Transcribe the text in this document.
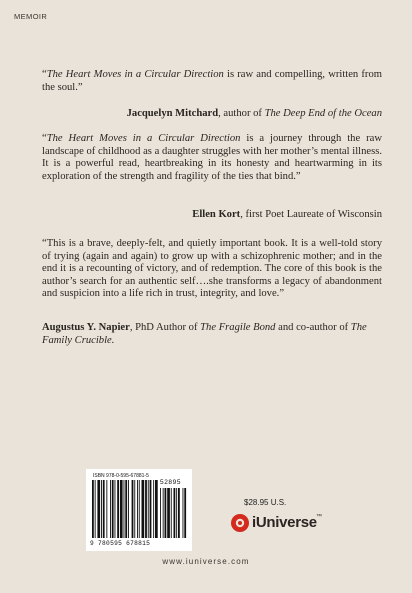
MEMOIR
“The Heart Moves in a Circular Direction is raw and compelling, written from the soul.”
Jacquelyn Mitchard, author of The Deep End of the Ocean
“The Heart Moves in a Circular Direction is a journey through the raw landscape of childhood as a daughter struggles with her mother’s mental illness. It is a powerful read, heartbreaking in its honesty and heartwarming in its exploration of the strength and fragility of the ties that bind.”
Ellen Kort, first Poet Laureate of Wisconsin
“This is a brave, deeply-felt, and quietly important book. It is a well-told story of trying (again and again) to grow up with a schizophrenic mother; and in the end it is a recounting of victory, and of redemption. The core of this book is the author’s search for an authentic self….she transforms a legacy of abandonment and suspicion into a life rich in trust, integrity, and love.”
Augustus Y. Napier, PhD Author of The Fragile Bond and co-author of The Family Crucible.
ISBN 978-0-595-67881-5
52895
9 780595 678815
$28.95 U.S.
iUniverse ™
www.iuniverse.com
